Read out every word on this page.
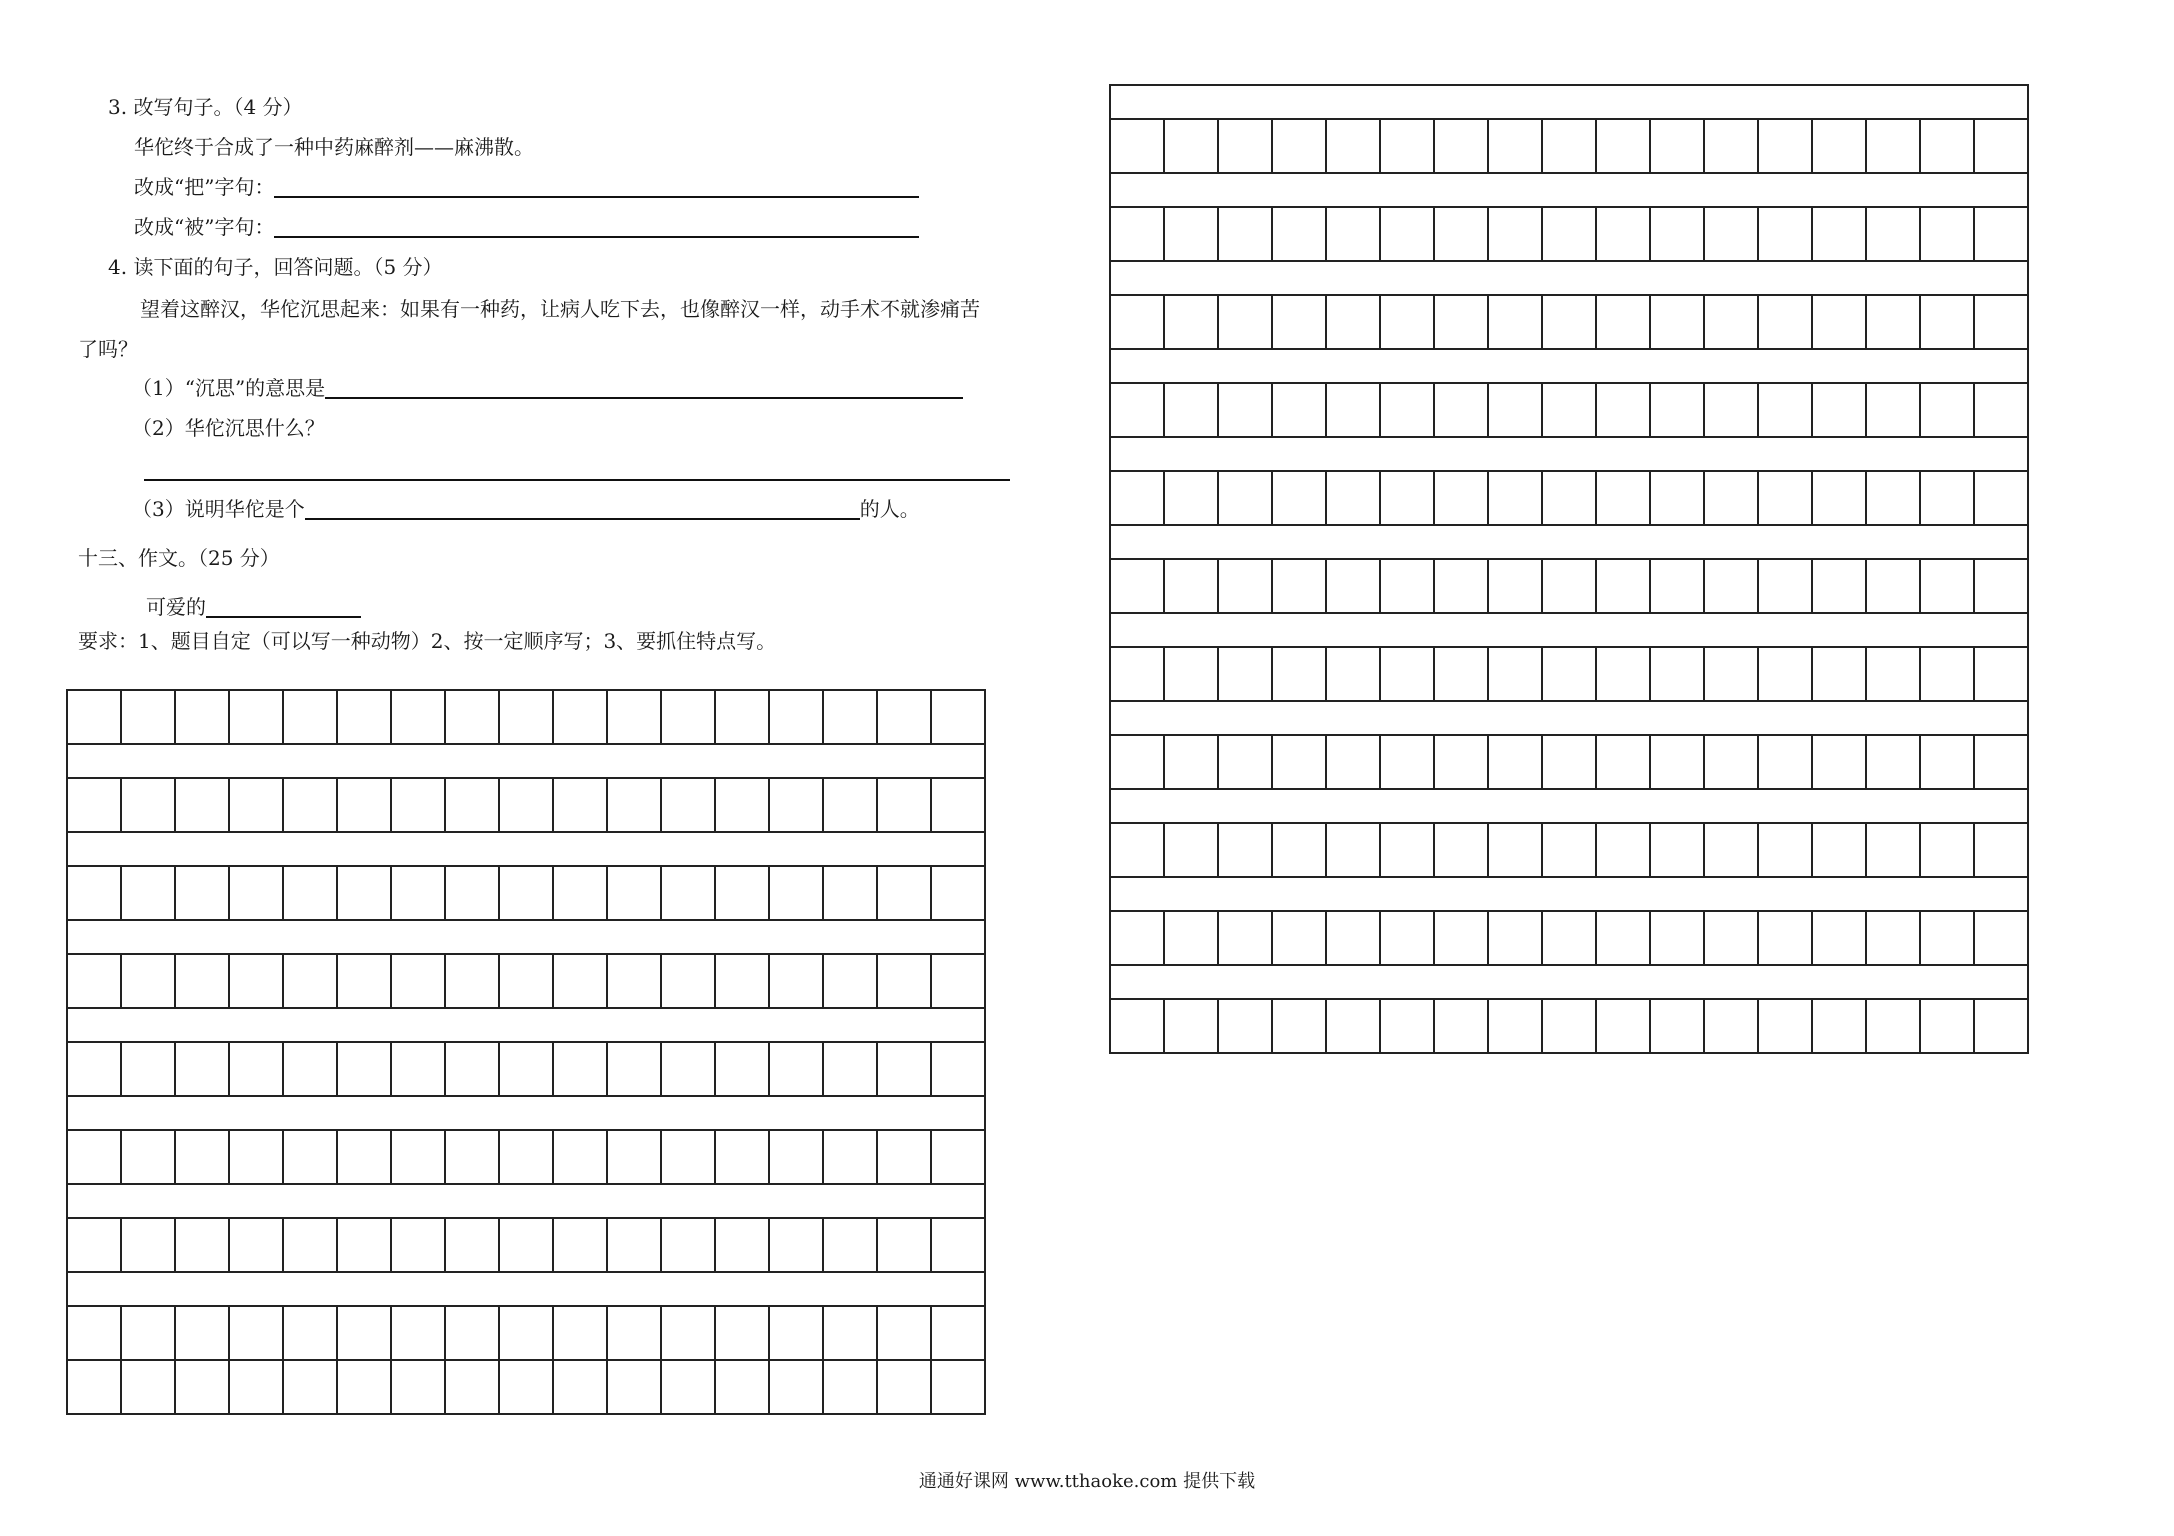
3. 改写句子。（4 分）
华佗终于合成了一种中药麻醉剂——麻沸散。
改成“把”字句：
改成“被”字句：
4. 读下面的句子，回答问题。（5 分）
望着这醉汉，华佗沉思起来：如果有一种药，让病人吃下去，也像醉汉一样，动手术不就渗痛苦
了吗？
（1）“沉思”的意思是
（2）华佗沉思什么？
（3）说明华佗是个	的人。
十三、作文。（25 分）
可爱的
要求：1、题目自定（可以写一种动物）2、按一定顺序写；3、要抓住特点写。
通通好课网 www.tthaoke.com 提供下载
